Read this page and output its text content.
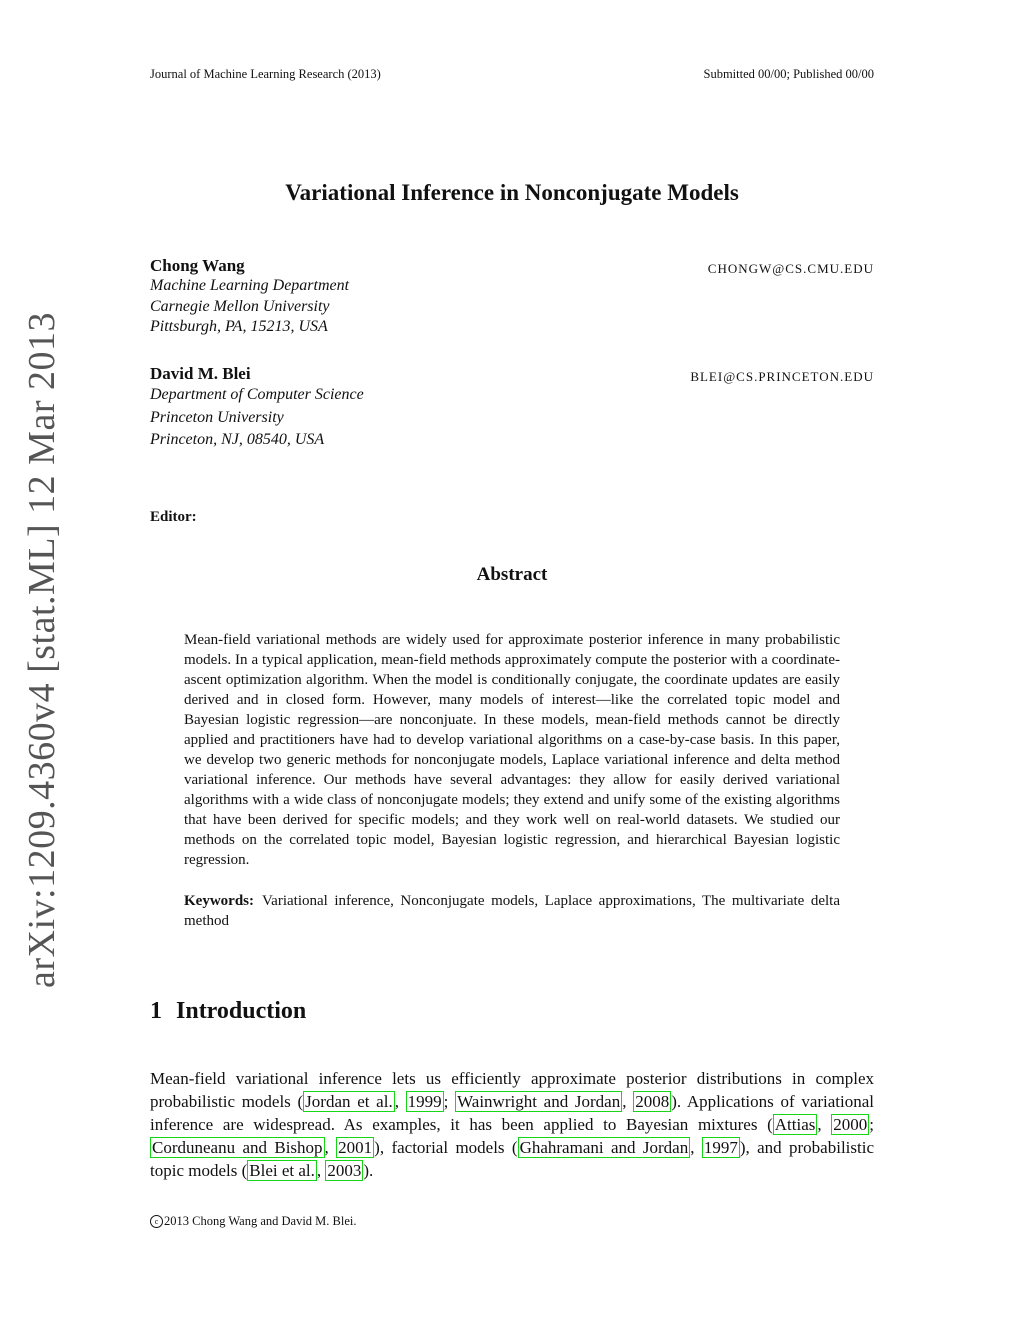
Journal of Machine Learning Research (2013)	Submitted 00/00; Published 00/00
arXiv:1209.4360v4 [stat.ML] 12 Mar 2013
Variational Inference in Nonconjugate Models
Chong Wang
Machine Learning Department
Carnegie Mellon University
Pittsburgh, PA, 15213, USA
CHONGW@CS.CMU.EDU
David M. Blei
Department of Computer Science
Princeton University
Princeton, NJ, 08540, USA
BLEI@CS.PRINCETON.EDU
Editor:
Abstract
Mean-field variational methods are widely used for approximate posterior inference in many probabilistic models. In a typical application, mean-field methods approximately compute the posterior with a coordinate-ascent optimization algorithm. When the model is conditionally conjugate, the coordinate updates are easily derived and in closed form. However, many models of interest—like the correlated topic model and Bayesian logistic regression—are nonconjuate. In these models, mean-field methods cannot be directly applied and practitioners have had to develop variational algorithms on a case-by-case basis. In this paper, we develop two generic methods for nonconjugate models, Laplace variational inference and delta method variational inference. Our methods have several advantages: they allow for easily derived variational algorithms with a wide class of nonconjugate models; they extend and unify some of the existing algorithms that have been derived for specific models; and they work well on real-world datasets. We studied our methods on the correlated topic model, Bayesian logistic regression, and hierarchical Bayesian logistic regression.
Keywords: Variational inference, Nonconjugate models, Laplace approximations, The multivariate delta method
1 Introduction
Mean-field variational inference lets us efficiently approximate posterior distributions in complex probabilistic models ( Jordan et al. , 1999 ; Wainwright and Jordan , 2008 ). Applications of variational inference are widespread. As examples, it has been applied to Bayesian mixtures ( Attias , 2000 ; Corduneanu and Bishop , 2001 ), factorial models ( Ghahramani and Jordan , 1997 ), and probabilistic topic models ( Blei et al. , 2003 ).
c 2013 Chong Wang and David M. Blei.
